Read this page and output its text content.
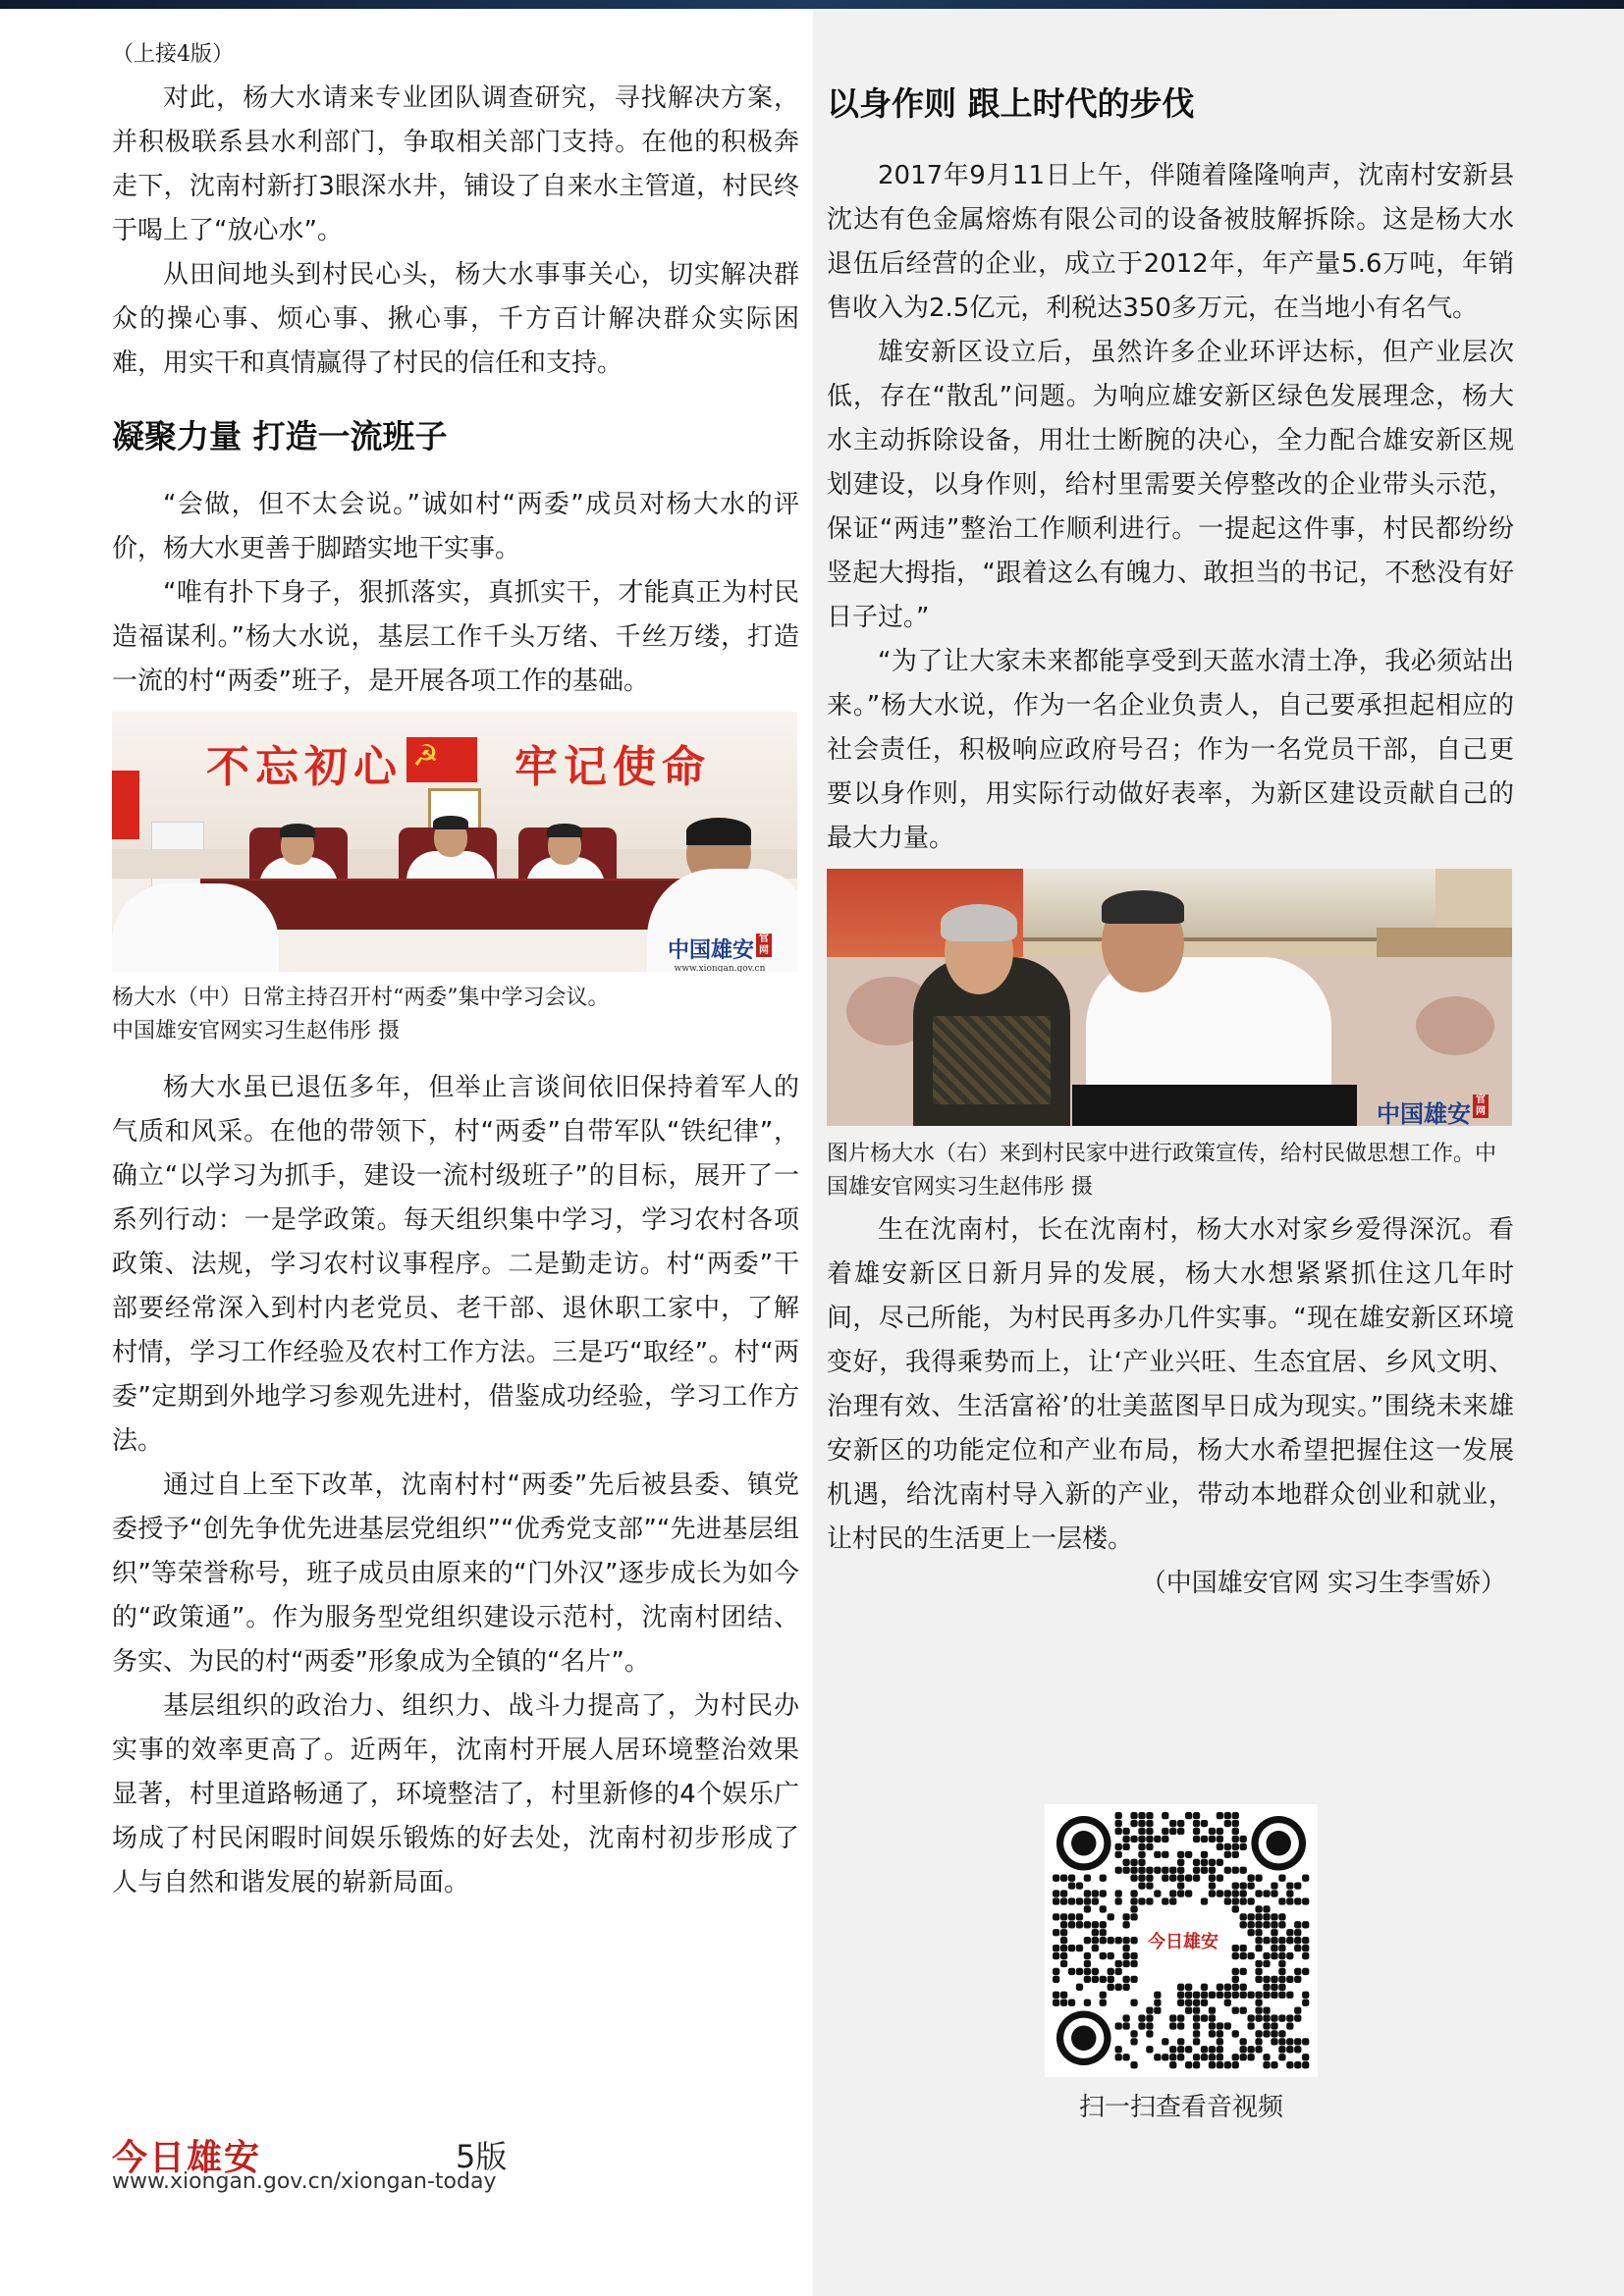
（上接4版）

对此，杨大水请来专业团队调查研究，寻找解决方案，并积极联系县水利部门，争取相关部门支持。在他的积极奔走下，沈南村新打3眼深水井，铺设了自来水主管道，村民终于喝上了“放心水”。

从田间地头到村民心头，杨大水事事关心，切实解决群众的操心事、烦心事、揪心事，千方百计解决群众实际困难，用实干和真情赢得了村民的信任和支持。

凝聚力量 打造一流班子

“会做，但不太会说。”诚如村“两委”成员对杨大水的评价，杨大水更善于脚踏实地干实事。

“唯有扑下身子，狠抓落实，真抓实干，才能真正为村民造福谋利。”杨大水说，基层工作千头万绪、千丝万缕，打造一流的村“两委”班子，是开展各项工作的基础。

不忘初心	牢记使命
☭
中国雄安 官网
www.xiongan.gov.cn

杨大水（中）日常主持召开村“两委”集中学习会议。

中国雄安官网实习生赵伟彤 摄

杨大水虽已退伍多年，但举止言谈间依旧保持着军人的气质和风采。在他的带领下，村“两委”自带军队“铁纪律”，确立“以学习为抓手，建设一流村级班子”的目标，展开了一系列行动：一是学政策。每天组织集中学习，学习农村各项政策、法规，学习农村议事程序。二是勤走访。村“两委”干部要经常深入到村内老党员、老干部、退休职工家中，了解村情，学习工作经验及农村工作方法。三是巧“取经”。村“两委”定期到外地学习参观先进村，借鉴成功经验，学习工作方法。

通过自上至下改革，沈南村村“两委”先后被县委、镇党委授予“创先争优先进基层党组织”“优秀党支部”“先进基层组织”等荣誉称号，班子成员由原来的“门外汉”逐步成长为如今的“政策通”。作为服务型党组织建设示范村，沈南村团结、务实、为民的村“两委”形象成为全镇的“名片”。

基层组织的政治力、组织力、战斗力提高了，为村民办实事的效率更高了。近两年，沈南村开展人居环境整治效果显著，村里道路畅通了，环境整洁了，村里新修的4个娱乐广场成了村民闲暇时间娱乐锻炼的好去处，沈南村初步形成了人与自然和谐发展的崭新局面。

以身作则 跟上时代的步伐

2017年9月11日上午，伴随着隆隆响声，沈南村安新县沈达有色金属熔炼有限公司的设备被肢解拆除。这是杨大水退伍后经营的企业，成立于2012年，年产量5.6万吨，年销售收入为2.5亿元，利税达350多万元，在当地小有名气。

雄安新区设立后，虽然许多企业环评达标，但产业层次低，存在“散乱”问题。为响应雄安新区绿色发展理念，杨大水主动拆除设备，用壮士断腕的决心，全力配合雄安新区规划建设，以身作则，给村里需要关停整改的企业带头示范，保证“两违”整治工作顺利进行。一提起这件事，村民都纷纷竖起大拇指，“跟着这么有魄力、敢担当的书记，不愁没有好日子过。”

“为了让大家未来都能享受到天蓝水清土净，我必须站出来。”杨大水说，作为一名企业负责人，自己要承担起相应的社会责任，积极响应政府号召；作为一名党员干部，自己更要以身作则，用实际行动做好表率，为新区建设贡献自己的最大力量。

中国雄安 官网

图片杨大水（右）来到村民家中进行政策宣传，给村民做思想工作。中国雄安官网实习生赵伟彤 摄

生在沈南村，长在沈南村，杨大水对家乡爱得深沉。看着雄安新区日新月异的发展，杨大水想紧紧抓住这几年时间，尽己所能，为村民再多办几件实事。“现在雄安新区环境变好，我得乘势而上，让‘产业兴旺、生态宜居、乡风文明、治理有效、生活富裕’的壮美蓝图早日成为现实。”围绕未来雄安新区的功能定位和产业布局，杨大水希望把握住这一发展机遇，给沈南村导入新的产业，带动本地群众创业和就业，让村民的生活更上一层楼。

（中国雄安官网 实习生李雪娇）

今日雄安
扫一扫查看音视频
今日雄安	5版
www.xiongan.gov.cn/xiongan-today
